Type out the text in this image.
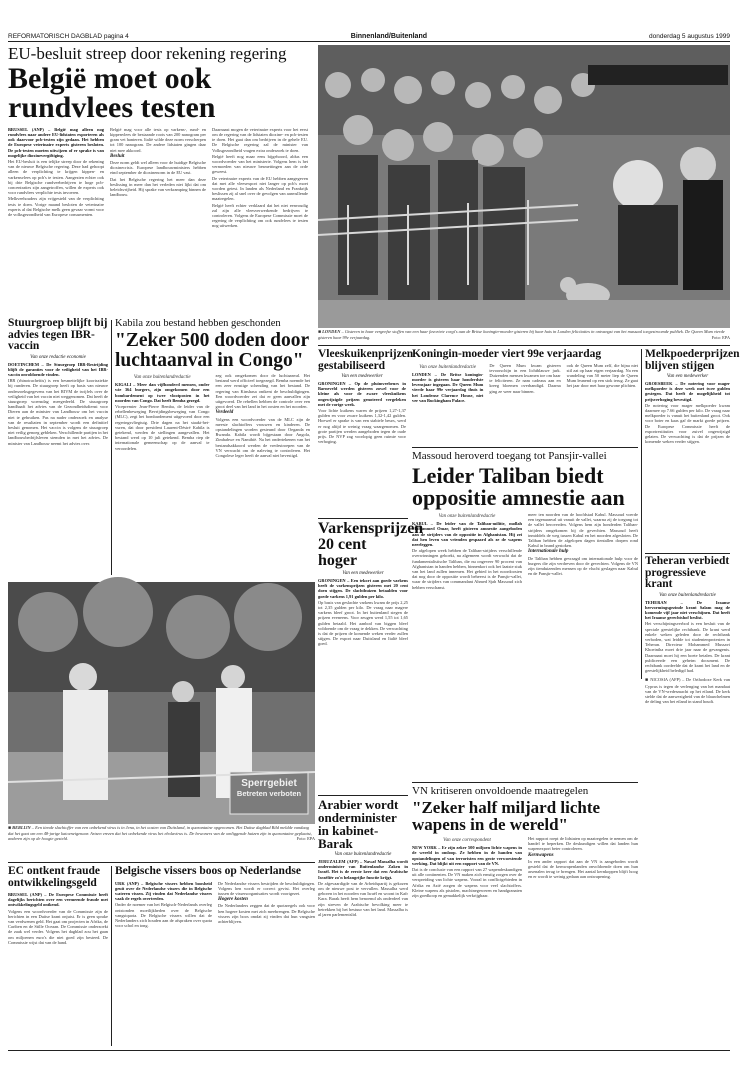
REFORMATORISCH DAGBLAD pagina 4	Binnenland/Buitenland	donderdag 5 augustus 1999
EU-besluit streep door rekening regering
België moet ook
rundvlees testen

BRUSSEL (ANP) – België mag alleen nog rundvlees naar andere EU-lidstaten exporteren als ook daarvoor pcb-testen zijn gedaan. Het hebben de Europese veterinaire experts gisteren besloten. De pcb-testen moeten uitwijzen of er sprake is van mogelijke dioxinevergiftiging.

Het EU-besluit is een telijke streep door de rekening van de nieuwe Belgische regering. Deze had gehoopt alleen de verplichting te krijgen kippen- en varkensvlees op pcb's te testen. Aangezien echter ook bij drie Belgische rundveebedrijven te hoge pcb-concentraties zijn aangetroffen, willen de experts ook voor rundvlees verplichte tests invoeren.

Melkveehouders zijn vrijgesteld van de verplichting tests te doen. Vorige maand besloten de veterinaire experts al dat Belgische melk geen gevaar vormt voor de volksgezondheid van Europese consumenten.

Belgié mag voor alle tests op varkens-, rund- en kippenvlees de bestaande roots van 200 nanogram per gram vet hanteren. Italië wilde deze norm verscherpen tot 100 nanogram. De andere lidstaten gingen daar niet mee akkoord.

Besluit

Deze norm geldt wel alleen voor de huidige Belgische dioxinecrisis. Europese landbouwministers hebben eind september de dioxinenorm in de EU vast.

Dat het Belgische regering het meer dan deze beslissing in meer dan het verleden niet lijkt dat om beleidsvrijheid. Hij sprake van verkramping binnen de landbouw.

Daarnaast mogen de veterinaire experts voor het eerst om de regering van de lidstaten dioxine- en pcb-testen te doen. Het gaat dan om bedrijven in de gehele EU. De Belgische regering zal de minister van Volksgezondheid vragen extra onderzoek te doen.

Belgié heeft nog maar eens bijgehoord, aldus een woordvoerder van het ministerie. Volgens hem is het vermoeden van nieuwe besmettingen aan de orde geweest.

De veterinaire experts van de EU hebben aangegeven dat met alle vleesexport niet langer op pcb's moet worden getest. In landen als Nederland en Frankrijk beslissen zij al snel over de gevolgen van aanvullende maatregelen.

Belgié heeft echter verklaard dat het niet eenvoudig zal zijn alle vleesverwerkende bedrijven te controleren. Volgens de Europese Commissie moet de regering de verplichting om ook rundvlees te testen nog uitwerken.

■ LONDEN – Gisteren in haar vergeefse stoffen van een haar favoriete corgi's aan de Britse koningin-moeder gisteren bij haar huis in Londen felicitaties in ontvangst van het massaal toegestroomde publiek. De Queen Mum vierde gisteren haar 99e verjaardag.	Foto: EPA
Stuurgroep blijft bij advies tegen IBR-vaccin
Van onze redactie economie

DOETINCHEM – De Stuurgroep IBR-Bestrijding blijft de garanties voor de veiligheid van het IBR-vaccin onvoldoende vinden.

IBR (rhinotracheïtis) is een besmettelijke koortsziekte bij runderen. De stuurgroep heeft op basis van nieuwe onderzoeksgegevens van het RIVM de twijfels over de veiligheid van het vaccin niet weggenomen. Dat heeft de stuurgroep woensdag meegedeeld. De stuurgroep handhaaft het advies van de Gezondheidsdienst voor Dieren aan de minister van Landbouw om het vaccin niet te gebruiken. Pas na nader onderzoek en analyse van de resultaten in september wordt een definitief besluit genomen. Het vaccin is volgens de stuurgroep niet veilig genoeg gebleken. Verschillende partijen in het landbouwbedrijfsleven stemden in met het advies. De minister van Landbouw neemt het advies over.

Kabila zou bestand hebben geschonden
"Zeker 500 doden door
luchtaanval in Congo"
Van onze buitenlandredactie

KIGALI – Meer dan vijfhonderd mensen, onder wie 364 burgers, zijn omgekomen door een bombardement op twee vlootposten in het noorden van Congo. Dat heeft Bemba gezegd.

Vicepremier Jean-Pierre Bemba, de leider van de rebellenbeweging Bevrijdingsbeweging van Congo (MLC), zegt het bombardement uitgevoerd door een regeringsvliegtuig. Drie dagen na het staakt-het-vuren, dat door president Laurent-Désiré Kabila is getekend, werden de stellingen aangevallen. Het bestand werd op 10 juli getekend. Bemba riep de internationale gemeenschap op de aanval te veroordelen.

zeg ook omgekomen door de luchtaanval. Het bestand werd officieel toegezegd. Bemba noemde het een zeer ernstige schending van het bestand. De regering van Kinshasa ontkent de beschuldigingen. Een woordvoerder zei dat er geen aanvallen zijn uitgevoerd. De rebellen hebben de controle over een groot deel van het land in het oosten en het noorden.

Verdeeld

Volgens een woordvoerder van de MLC zijn de meeste slachtoffers vrouwen en kinderen. De opstandelingen worden gesteund door Oeganda en Rwanda. Kabila wordt bijgestaan door Angola, Zimbabwe en Namibië. Na het ondertekenen van het bestandsakkoord werden de vredestroepen van de VN verwacht om de naleving te controleren. Het Congolese leger heeft de aanval niet bevestigd.

Sperrgebiet
Betreten verboten
■ BERLIJN – Een tiende slachtoffer van een onbekend virus is in Jena, in het oosten van Duitsland, in quarantaine opgenomen. Het Duitse dagblad Bild meldde vandaag dat het gaat om een 48-jarige katoeneigenaar. Artsen vrezen dat het onbekende virus het ebolavirus is. De bewoners van de omliggende huizen zijn in quarantaine geplaatst, anderen zijn op de hoogte gesteld.	Foto: EPA
Vleeskuikenprijzen gestabiliseerd
Van een medewerker

GRONINGEN – Op de pluimveebeurs in Barneveld werden gisteren zowel voor de kleine als voor de zware vleeskuikens ongewijzigde prijzen genoteerd vergeleken met de vorige week.

Voor lichte kuikens waren de prijzen 1,27-1,37 gulden en voor zware kuikens 1,32-1,42 gulden. Hoewel er sprake is van een stabiele beurs, werd er nog altijd te weinig vraag waargenomen. De grote partijen werden aangeboden tegen de oude prijs. De NVP zag voorlopig geen ruimte voor verhoging.

Koningin-moeder viert 99e verjaardag
Van onze buitenlandredactie

LONDEN – De Britse koningin-moeder is gisteren haar honderdste levensjaar ingegaan. De Queen Mum vierde haar 99e verjaardag thuis in het Londense Clarence House, niet ver van Buckingham Palace.

De Queen Mum kwam gisteren tevoorschijn in een lichtblauwe jurk. Duizenden mensen kwamen toe om haar te feliciteren. Ze nam cadeaus aan en kreeg bloemen overhandigd. Daarna ging ze weer naar binnen.

ook de Queen Mum zelf, die bijna niet stil zat op haar eigen verjaardag. Na een wandeling van 50 meter liep de Queen Mum leunend op een stok terug. Ze gaat het jaar door met haar gewone plichten.

Melkpoederprijzen blijven stijgen
Van een medewerker

GROESBEEK – De notering voor mager melkpoeder is deze week met twee gulden gestegen. Dat heeft de mogelijkheid tot prijsverhoging bevestigd.

De notering voor mager melkpoeder kwam daarmee op 7.66 gulden per kilo. De vraag naar melkpoeder is vanuit het buitenland groot. Ook voor boter en kaas gaf de markt goede prijzen. De Europese Commissie heeft de exportrestituties voor zuivel ongewijzigd gelaten. De verwachting is dat de prijzen de komende weken verder stijgen.

Massoud heroverd toegang tot Pansjir-vallei
Leider Taliban biedt
oppositie amnestie aan
Van onze buitenlandredactie

KABUL – De leider van de Taliban-militie, mollah Mohammed Omar, heeft gisteren amnestie aangeboden aan de strijders van de oppositie in Afghanistan. Hij zei dat hen leven van vrienden gespaard als ze de wapens neerleggen.

De afgelopen week hebben de Taliban-strijders verschillende overwinningen geboekt, na algemeen wordt verwacht dat de fundamentalistische Taliban, die nu ongeveer 90 procent van Afghanistan in handen hebben, binnenkort ook het laatste stuk van het land zullen innemen. Het gebied in het noordoosten dat nog door de oppositie wordt beheerst is de Pansjir-vallei, waar de strijders van commandant Ahmed Sjah Massoud zich hebben verschanst.

meer ten noorden van de hoofdstad Kabul. Massoud voerde een tegenaanval uit vanuit de vallei, waarna zij de toegang tot de vallei heroverden. Volgens hem zijn honderden Taliban-strijders omgekomen bij de gevechten. Massoud heeft inmiddels de weg tussen Kabul en het noorden afgesloten. De Taliban hebben de afgelopen dagen tientallen dorpen rond Kabul in brand gestoken.

Internationale hulp

De Taliban hebben gevraagd om internationale hulp voor de burgers die zijn verdreven door de gevechten. Volgens de VN zijn tienduizenden mensen op de vlucht geslagen naar Kabul en de Pansjir-vallei.

Varkensprijzen 20 cent hoger
Van een medewerker

GRONINGEN – Een tekort aan goede varkens heeft de varkensprijzen gisteren met 20 cent doen stijgen. De slachthuizen betaalden voor goede varkens 1,91 gulden per kilo.

Op basis van geslachte varkens kwam de prijs 2,25 tot 2,35 gulden per kilo. De vraag naar magere varkens bleef groot. In het buitenland stegen de prijzen eveneens. Voor zeugen werd 1,55 tot 1,65 gulden betaald. Het aanbod van biggen bleef voldoende om de vraag te dekken. De verwachting is dat de prijzen de komende weken verder zullen stijgen. De export naar Duitsland en Italië bleef goed.

Teheran verbiedt progressieve krant
Van onze buitenlandredactie

TEHERAN – De Iraanse hervormingsgezinde krant Salam mag de komende vijf jaar niet verschijnen. Dat heeft het Iraanse gerechtshof beslist.

Het verschijningsverbod is een besluit van de speciale geestelijke rechtbank. De krant werd enkele weken geleden door de rechtbank verboden, wat leidde tot studentenprotesten in Teheran. Directeur Mohammed Mussavi Khoeiniha moet drie jaar naar de gevangenis. Daarnaast moet hij een boete betalen. De krant publiceerde een geheim document. De rechtbank oordeelde dat de krant het land en de geestelijkheid beledigd had.

■ NICOSIA (AFP) – De Orthodoxe Kerk van Cyprus is tegen de verlenging van het mandaat van de VN-vredesmacht op het eiland. De kerk stelde dat de aanwezigheid van de blauwhelmen de deling van het eiland in stand houdt.

Arabier wordt onderminister in kabinet-Barak
Van onze buitenlandredactie

JERUZALEM (AFP) – Nawaf Massalha wordt onderminister van Buitenlandse Zaken in Israël. Het is de eerste keer dat een Arabische Israëliër zo'n belangrijke functie krijgt.

De afgevaardigde van de Arbeidspartij is gekozen om de nieuwe post te vervullen. Massalha werd geboren in het noorden van Israël en woont in Kafr Kara. Barak heeft hem benoemd als onderdeel van zijn streven de Arabische bevolking meer te betrekken bij het bestuur van het land. Massalha is al jaren parlementslid.

VN kritiseren onvoldoende maatregelen
"Zeker half miljard lichte
wapens in de wereld"
Van onze correspondent

NEW YORK – Er zijn zeker 500 miljoen lichte wapens in de wereld in omloop. Ze hebben in de handen van opstandelingen of van terroristen een grote verwoestende werking. Dat blijkt uit een rapport van de VN.

Dat is de conclusie van een rapport van 27 wapendeskundigen uit alle continenten. De VN maken zich ernstig zorgen over de verspreiding van lichte wapens. Vooral in conflictgebieden in Afrika en Azië zorgen de wapens voor veel slachtoffers. Kleine wapens als pistolen, machinegeweren en handgranaten zijn goedkoop en gemakkelijk verkrijgbaar.

Het rapport roept de lidstaten op maatregelen te nemen om de handel te beperken. De deskundigen willen dat landen hun wapenexport beter controleren.

Kernwapens

In een ander rapport dat aan de VN is aangeboden wordt gesteld dat de kernwapenlanden onvoldoende doen om hun arsenalen terug te brengen. Het aantal kernkoppen blijft hoog en er wordt te weinig gedaan aan ontwapening.

EC ontkent fraude ontwikkelingsgeld

BRUSSEL (ANP) – De Europese Commissie heeft dagelijks berichten over een vermeende fraude met ontwikkelingsgeld ontkend.

Volgens een woordvoerder van de Commissie zijn de berichten in een Duitse krant onjuist. Er is geen sprake van verdwenen geld. Het gaat om projecten in Afrika, de Cariben en de Stille Oceaan. De Commissie onderzoekt de zaak wel verder. Volgens het dagblad zou het gaan om miljoenen euro's die niet goed zijn besteed. De Commissie wijst dat van de hand.

Belgische vissers boos op Nederlandse

URK (ANP) – Belgische vissers hebben boosheid geuit over de Nederlandse vissers die in Belgische wateren vissen. Zij vinden dat Nederlandse vissers vaak de regels overtreden.

Onder de noemer van het Belgisch-Nederlands overleg ontstonden moeilijkheden over de Belgische vangstquota. De Belgische vissers willen dat de Nederlanders zich houden aan de afspraken over quota voor schol en tong.

De Nederlandse vissers bestrijden de beschuldigingen. Volgens hen wordt er correct gevist. Het overleg tussen de vissersorganisaties wordt voortgezet.

Hogere kosten

De Nederlanders zeggen dat de quotaregels ook voor hen hogere kosten met zich meebrengen. De Belgische vissers zijn boos omdat zij vinden dat hun vangsten achterblijven.
